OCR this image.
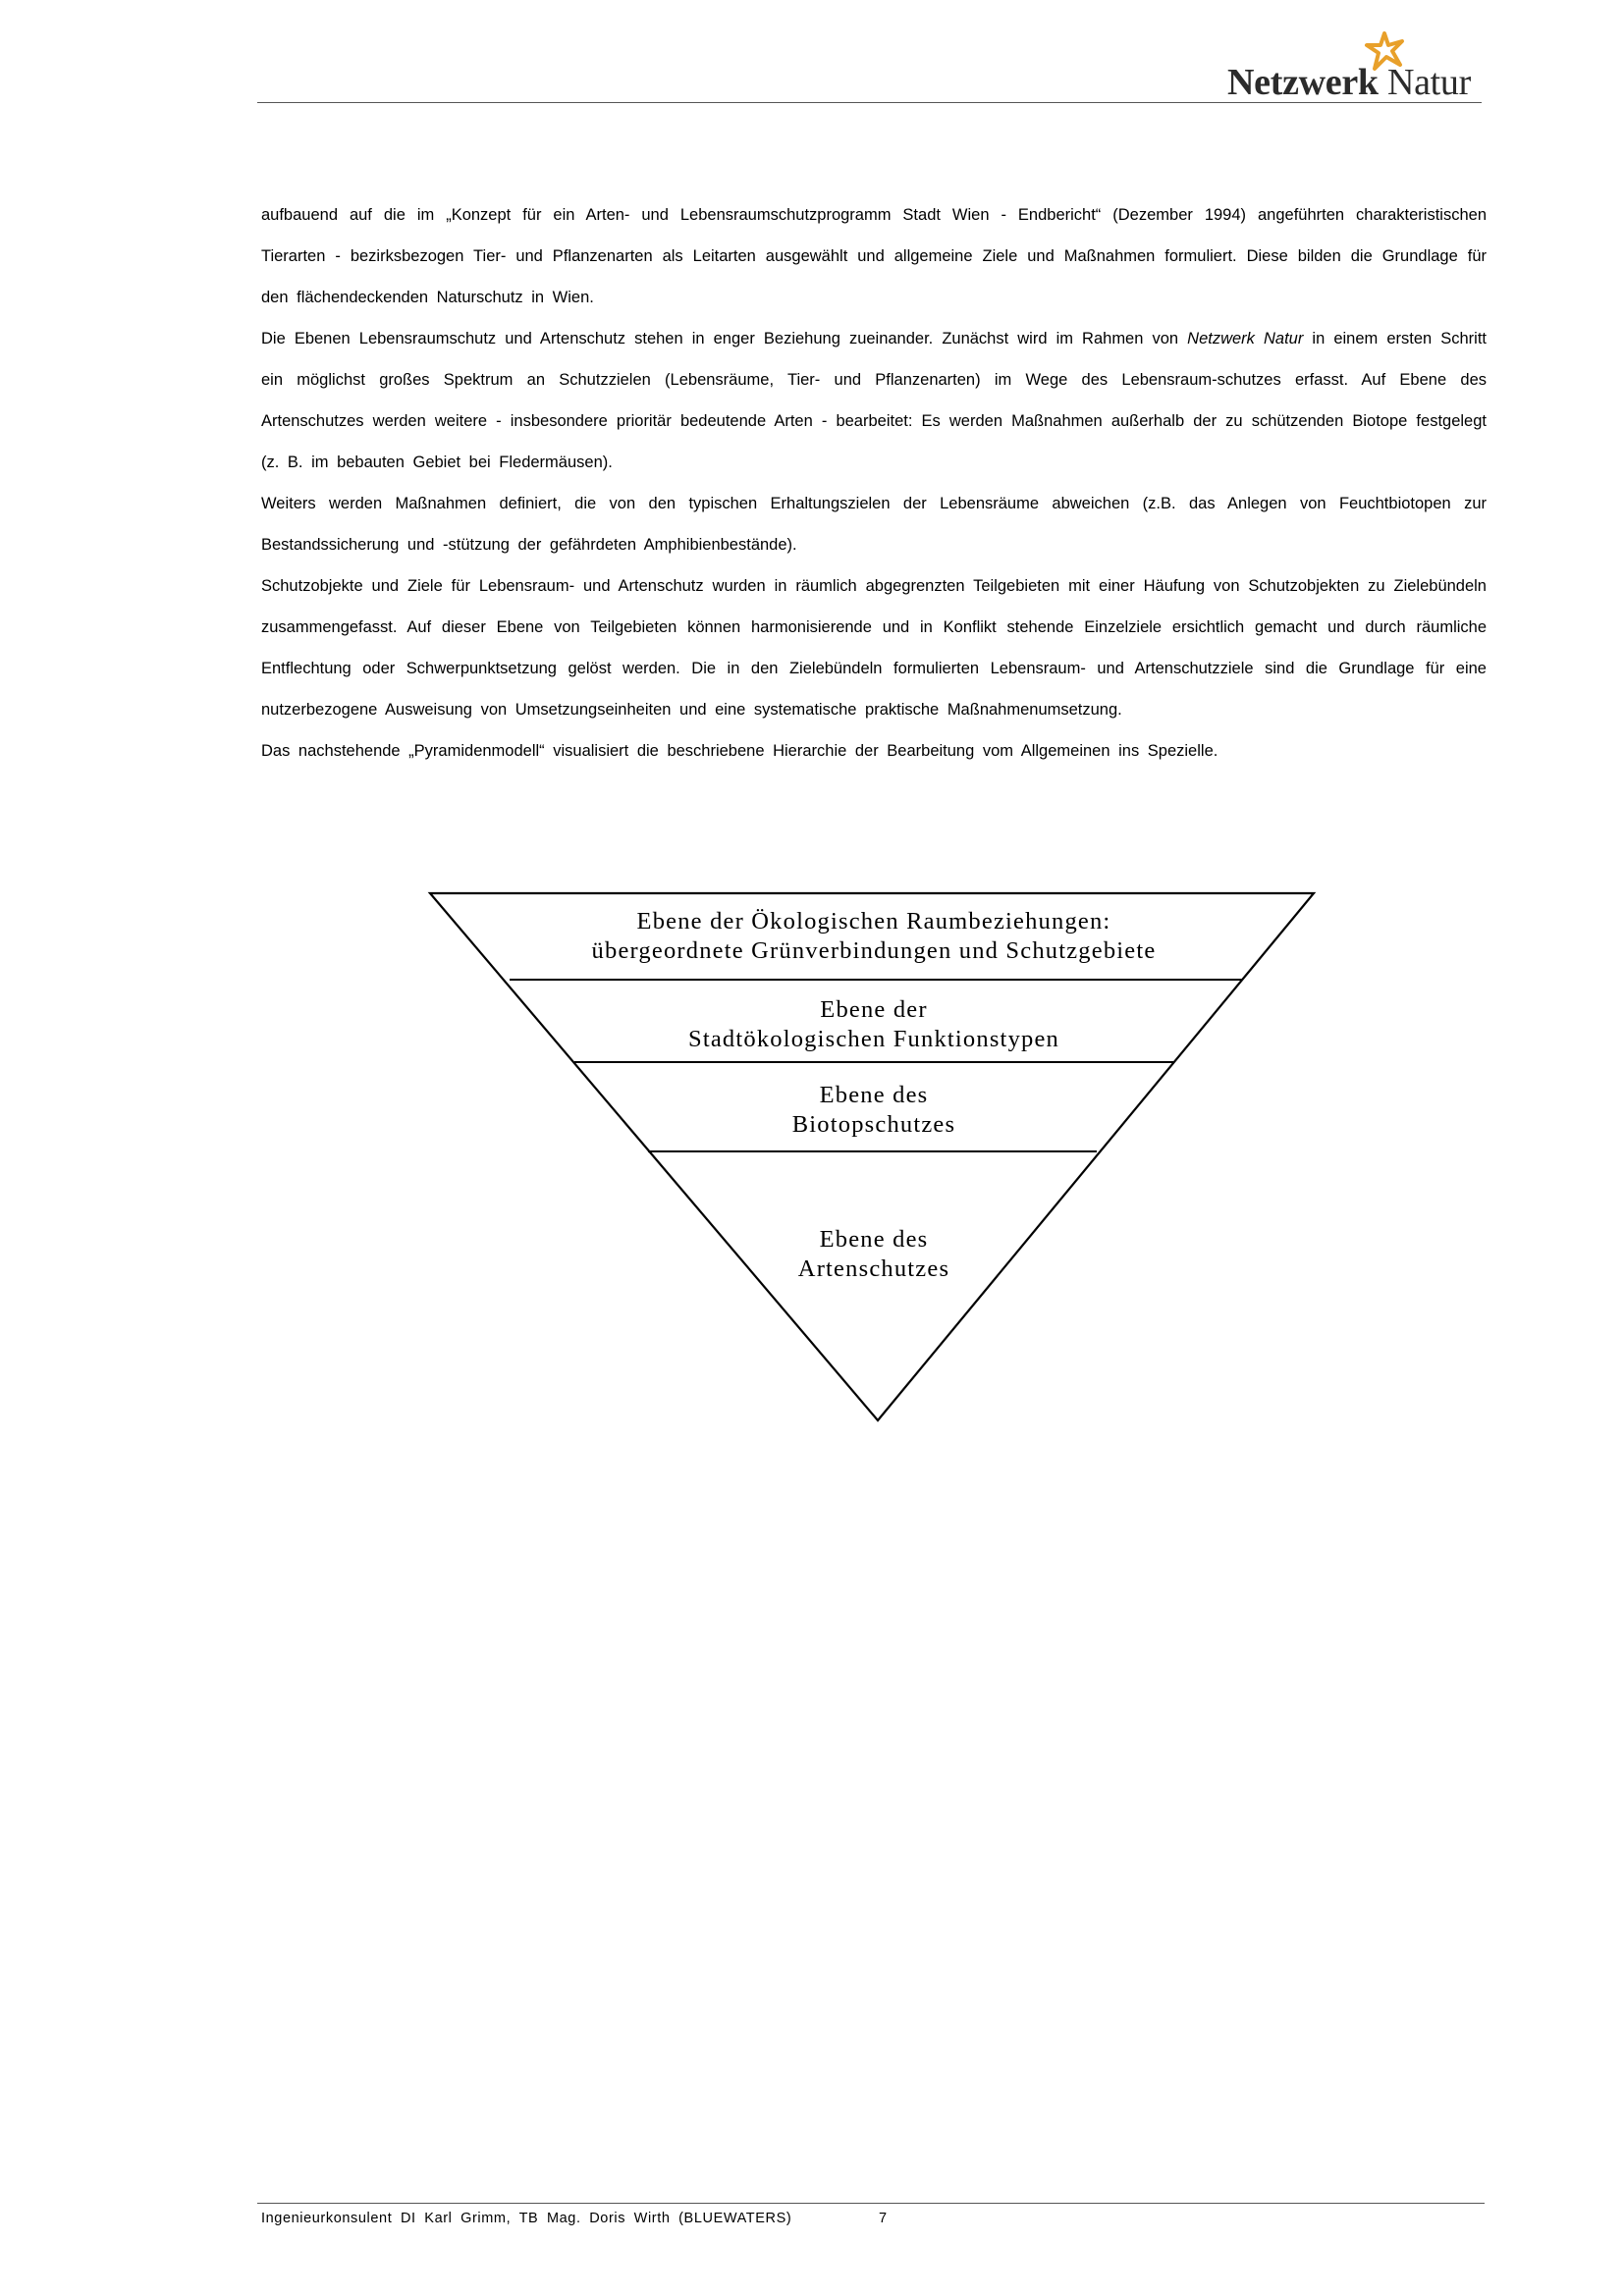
Netzwerk Natur

aufbauend auf die im „Konzept für ein Arten- und Lebensraumschutzprogramm Stadt Wien - Endbericht“ (Dezember 1994) angeführten charakteristischen Tierarten - bezirksbezogen Tier- und Pflanzenarten als Leitarten ausgewählt und allgemeine Ziele und Maßnahmen formuliert. Diese bilden die Grundlage für den flächendeckenden Naturschutz in Wien.

Die Ebenen Lebensraumschutz und Artenschutz stehen in enger Beziehung zueinander. Zunächst wird im Rahmen von Netzwerk Natur in einem ersten Schritt ein möglichst großes Spektrum an Schutzzielen (Lebensräume, Tier- und Pflanzenarten) im Wege des Lebensraum-schutzes erfasst. Auf Ebene des Artenschutzes werden weitere - insbesondere prioritär bedeutende Arten - bearbeitet: Es werden Maßnahmen außerhalb der zu schützenden Biotope festgelegt (z. B. im bebauten Gebiet bei Fledermäusen).

Weiters werden Maßnahmen definiert, die von den typischen Erhaltungszielen der Lebensräume abweichen (z.B. das Anlegen von Feuchtbiotopen zur Bestandssicherung und -stützung der gefährdeten Amphibienbestände).

Schutzobjekte und Ziele für Lebensraum- und Artenschutz wurden in räumlich abgegrenzten Teilgebieten mit einer Häufung von Schutzobjekten zu Zielebündeln zusammengefasst. Auf dieser Ebene von Teilgebieten können harmonisierende und in Konflikt stehende Einzelziele ersichtlich gemacht und durch räumliche Entflechtung oder Schwerpunktsetzung gelöst werden. Die in den Zielebündeln formulierten Lebensraum- und Artenschutzziele sind die Grundlage für eine nutzerbezogene Ausweisung von Umsetzungseinheiten und eine systematische praktische Maßnahmenumsetzung.

Das nachstehende „Pyramidenmodell“ visualisiert die beschriebene Hierarchie der Bearbeitung vom Allgemeinen ins Spezielle.

Ebene der Ökologischen Raumbeziehungen:
übergeordnete Grünverbindungen und Schutzgebiete
Ebene der
Stadtökologischen Funktionstypen
Ebene des
Biotopschutzes
Ebene des
Artenschutzes
Ingenieurkonsulent DI Karl Grimm, TB Mag. Doris Wirth (BLUEWATERS)	7
